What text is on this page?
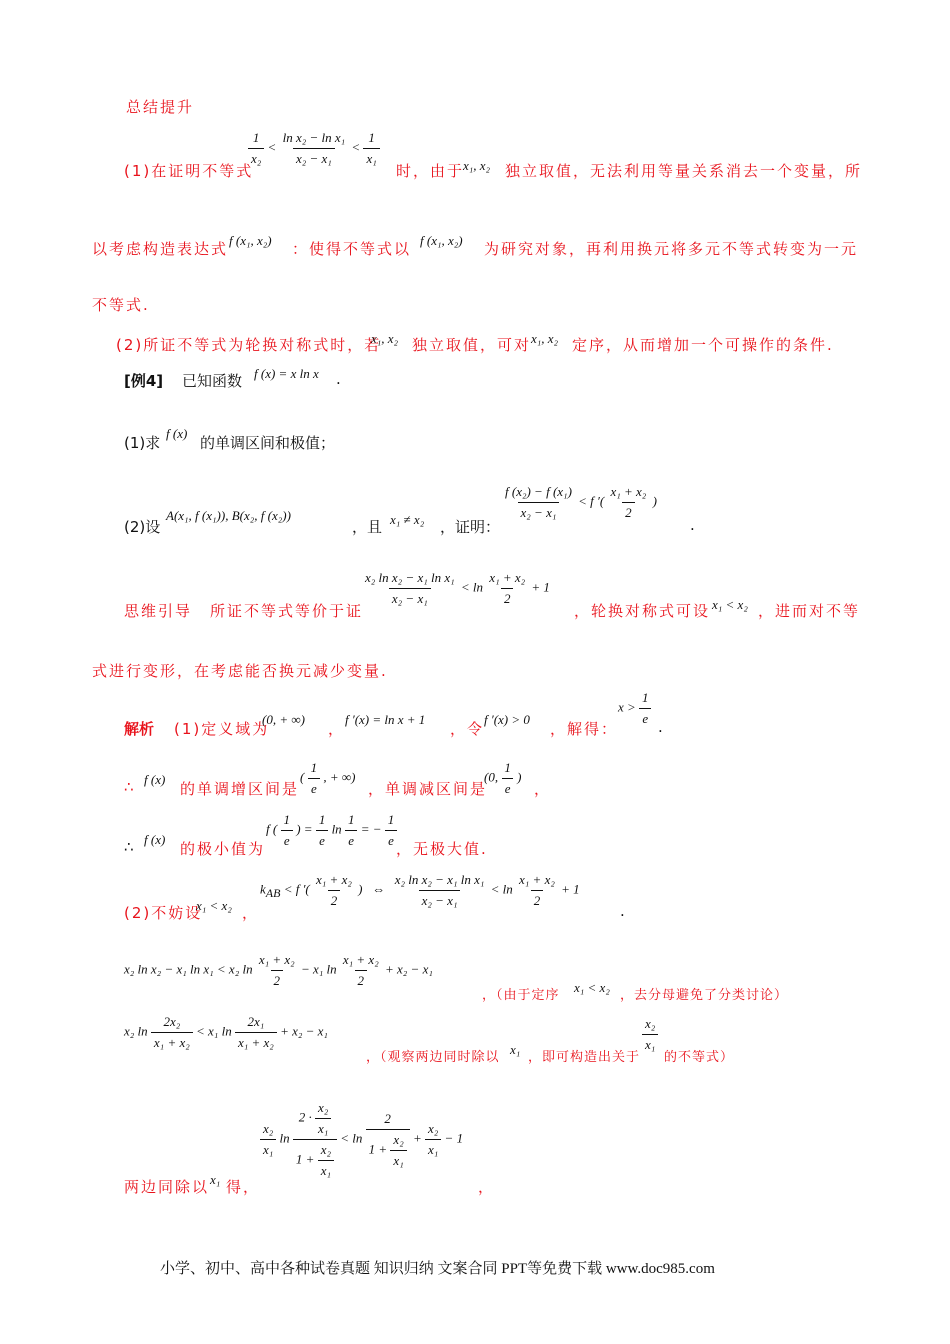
总结提升
(1)在证明不等式
$\frac{1}{\text{x₂}} < \frac{\text{ln x₂ − ln x₁}}{\text{x₂ − x₁}} < \frac{1}{\text{x₁}}$
时，由于
x₁, x₂ 独立取值，无法利用等量关系消去一个变量，所
以考虑构造表达式 f (x₁, x₂) ：使得不等式以 f (x₁, x₂) 为研究对象，再利用换元将多元不等式转变为一元
不等式.
(2)所证不等式为轮换对称式时，若
x₁, x₂ 独立取值，可对 x₁, x₂ 定序，从而增加一个可操作的条件.
[例4] 已知函数 f (x) = x ln x .
(1)求
f (x)
的单调区间和极值；
(2)设
A(x₁, f (x₁)), B(x₂, f (x₂))
，且 x₁ ≠ x₂ ，证明：
$\frac{\text{f (x₂) − f (x₁)}}{\text{x₂ − x₁}} < f$ ′( $\frac{\text{x₁ + x₂}}{2}$ )
.
思维引导 所证不等式等价于证
$\frac{\text{x₂ ln x₂ − x₁ ln x₁}}{\text{x₂ − x₁}} < \ln \frac{\text{x₁ + x₂}}{2} + 1$
，轮换对称式可设 x₁ < x₂ ，进而对不等
式进行变形，在考虑能否换元减少变量.
解析 (1)定义域为
(0, + ∞)
，
f ′(x) = ln x + 1
，令
f ′(x) > 0
，解得：
$x > \frac{1}{e}$ .
∴ f (x)
的单调增区间是
( $\frac{1}{e}$ , + ∞)
，单调减区间是
(0, $\frac{1}{e}$ )
，
∴ f (x)
的极小值为
f ( $\frac{1}{e}$ ) = $\frac{1}{e}$ $\ln \frac{1}{e}$ = − $\frac{1}{e}$
，无极大值.
(2)不妨设
x₁ < x₂ ，
$k_{AB} < f$ ′( $\frac{\text{x₁ + x₂}}{2}$ ) ⇔ $\frac{\text{x₂ ln x₂ − x₁ ln x₁}}{\text{x₂ − x₁}} < \ln \frac{\text{x₁ + x₂}}{2} + 1$
.
x₂ ln x₂ − x₁ ln x₁ < x₂ $\ln \frac{\text{x₁ + x₂}}{2} - x_1$ $\ln \frac{\text{x₁ + x₂}}{2} + x_2 - x_1$
，（由于定序
x₁ < x₂
，去分母避免了分类讨论）
x₂ $\ln \frac{\text{2x₂}}{\text{x₁ + x₂}} < x_1$ $\ln \frac{\text{2x₁}}{\text{x₁ + x₂}} + x_2 - x_1$
，（观察两边同时除以
x₁
，即可构造出关于
$\frac{\text{x₂}}{\text{x₁}}$
的不等式）
两边同除以 x₁ 得，
$\frac{\text{x₂}}{\text{x₁}}$ $\ln \frac{2 \cdot \frac{\text{x₂}}{\text{x₁}}}{1 + \frac{\text{x₂}}{\text{x₁}}} < \ln \frac{2}{1 + \frac{\text{x₂}}{\text{x₁}}} + \frac{\text{x₂}}{\text{x₁}} - 1$
，
小学、初中、高中各种试卷真题 知识归纳 文案合同 PPT等免费下载 www.doc985.com
